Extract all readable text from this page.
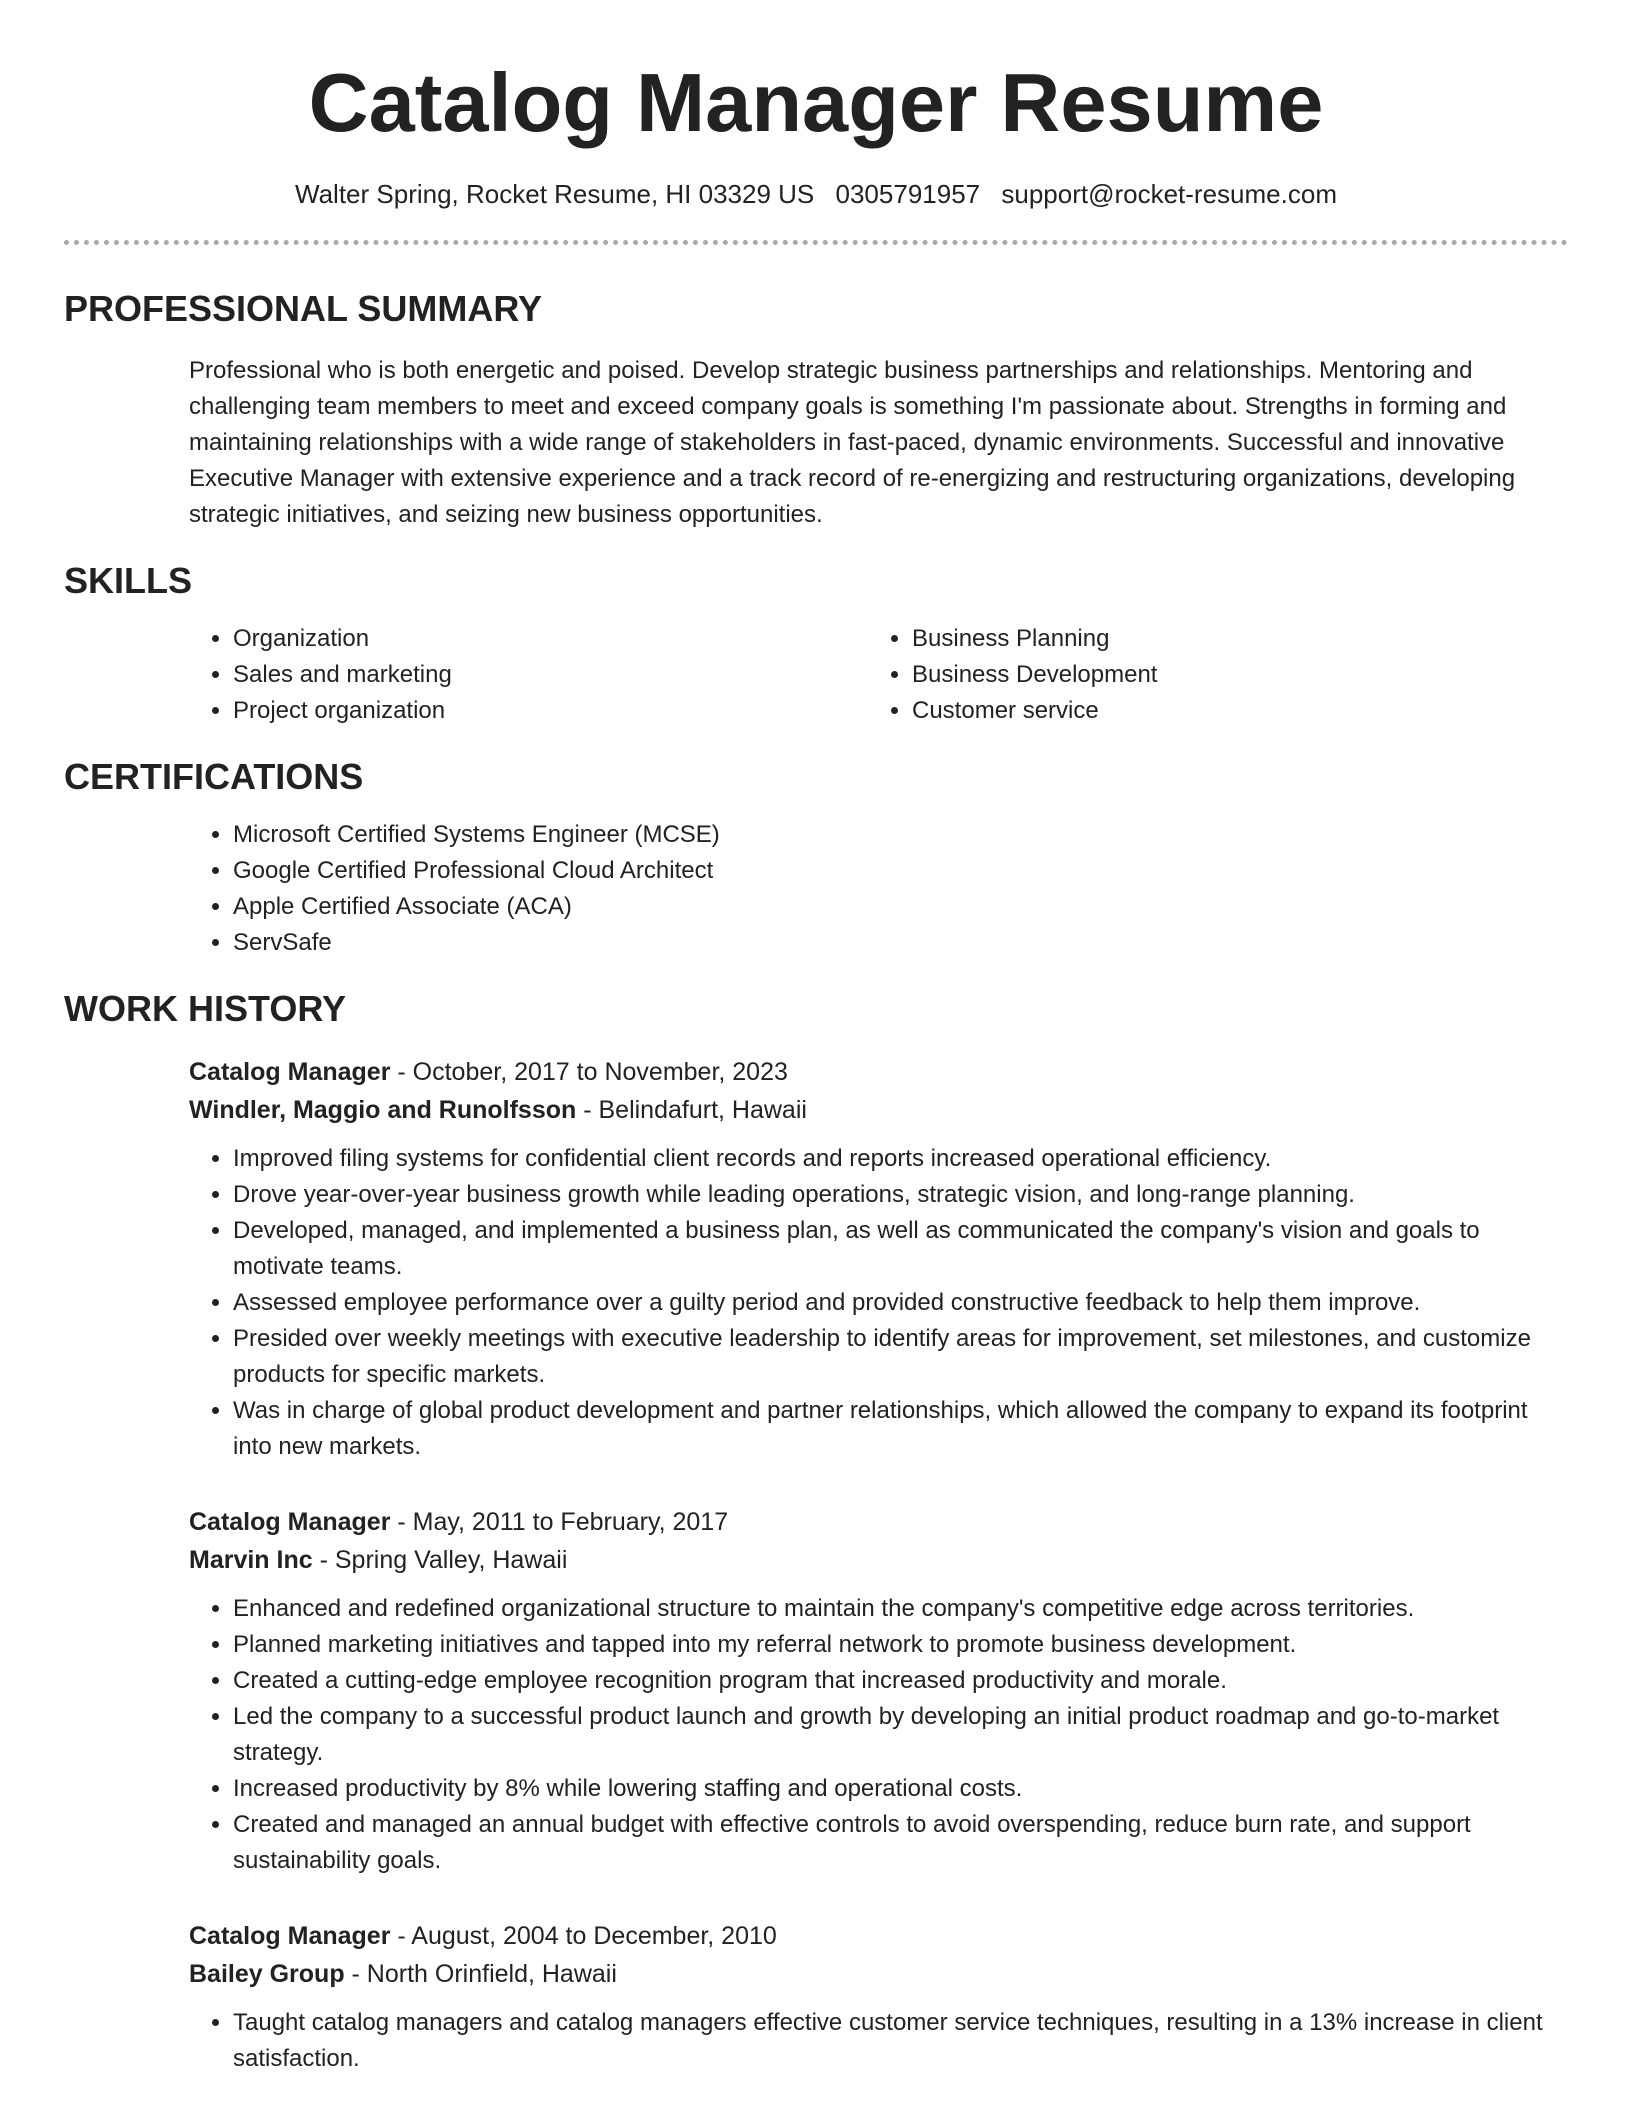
Catalog Manager Resume
Walter Spring, Rocket Resume, HI 03329 US 0305791957 support@rocket-resume.com
PROFESSIONAL SUMMARY

Professional who is both energetic and poised. Develop strategic business partnerships and relationships. Mentoring and challenging team members to meet and exceed company goals is something I'm passionate about. Strengths in forming and maintaining relationships with a wide range of stakeholders in fast-paced, dynamic environments. Successful and innovative Executive Manager with extensive experience and a track record of re-energizing and restructuring organizations, developing strategic initiatives, and seizing new business opportunities.

SKILLS
• Organization
• Sales and marketing
• Project organization
• Business Planning
• Business Development
• Customer service
CERTIFICATIONS
• Microsoft Certified Systems Engineer (MCSE)
• Google Certified Professional Cloud Architect
• Apple Certified Associate (ACA)
• ServSafe
WORK HISTORY
Catalog Manager - October, 2017 to November, 2023
Windler, Maggio and Runolfsson - Belindafurt, Hawaii
• Improved filing systems for confidential client records and reports increased operational efficiency.
• Drove year-over-year business growth while leading operations, strategic vision, and long-range planning.
• Developed, managed, and implemented a business plan, as well as communicated the company's vision and goals to motivate teams.
• Assessed employee performance over a guilty period and provided constructive feedback to help them improve.
• Presided over weekly meetings with executive leadership to identify areas for improvement, set milestones, and customize products for specific markets.
• Was in charge of global product development and partner relationships, which allowed the company to expand its footprint into new markets.
Catalog Manager - May, 2011 to February, 2017
Marvin Inc - Spring Valley, Hawaii
• Enhanced and redefined organizational structure to maintain the company's competitive edge across territories.
• Planned marketing initiatives and tapped into my referral network to promote business development.
• Created a cutting-edge employee recognition program that increased productivity and morale.
• Led the company to a successful product launch and growth by developing an initial product roadmap and go-to-market strategy.
• Increased productivity by 8% while lowering staffing and operational costs.
• Created and managed an annual budget with effective controls to avoid overspending, reduce burn rate, and support sustainability goals.
Catalog Manager - August, 2004 to December, 2010
Bailey Group - North Orinfield, Hawaii
• Taught catalog managers and catalog managers effective customer service techniques, resulting in a 13% increase in client satisfaction.
